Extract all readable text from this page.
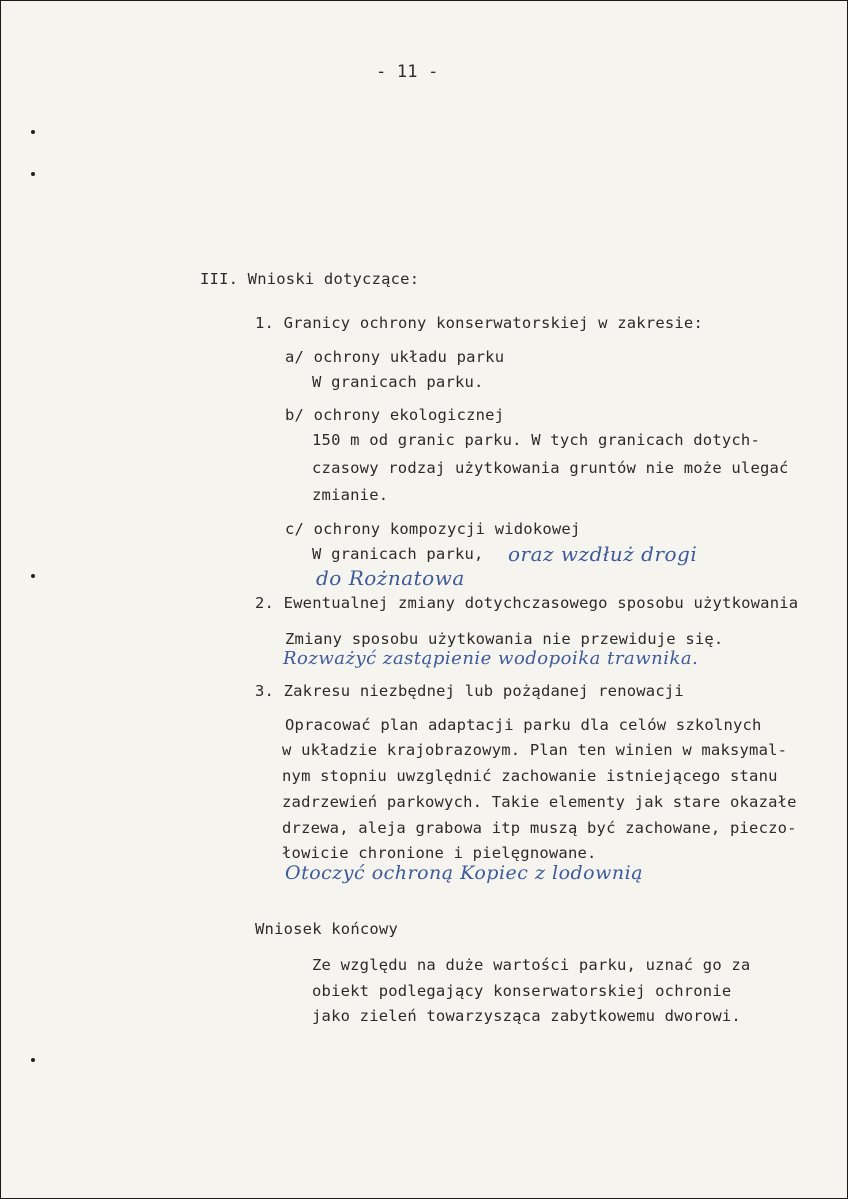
- 11 -
III. Wnioski dotyczące:
1. Granicy ochrony konserwatorskiej w zakresie:
a/ ochrony układu parku
W granicach parku.
b/ ochrony ekologicznej
150 m od granic parku. W tych granicach dotych-
czasowy rodzaj użytkowania gruntów nie może ulegać
zmianie.
c/ ochrony kompozycji widokowej
W granicach parku, oraz wzdłuż drogi
do Rożnatowa
2. Ewentualnej zmiany dotychczasowego sposobu użytkowania
Zmiany sposobu użytkowania nie przewiduje się.
Rozważyć zastąpienie wodopoika trawnika.
3. Zakresu niezbędnej lub pożądanej renowacji
Opracować plan adaptacji parku dla celów szkolnych
w układzie krajobrazowym. Plan ten winien w maksymal-
nym stopniu uwzględnić zachowanie istniejącego stanu
zadrzewień parkowych. Takie elementy jak stare okazałe
drzewa, aleja grabowa itp muszą być zachowane, pieczo-
łowicie chronione i pielęgnowane.
Otoczyć ochroną Kopiec z lodownią
Wniosek końcowy
Ze względu na duże wartości parku, uznać go za
obiekt podlegający konserwatorskiej ochronie
jako zieleń towarzysząca zabytkowemu dworowi.
